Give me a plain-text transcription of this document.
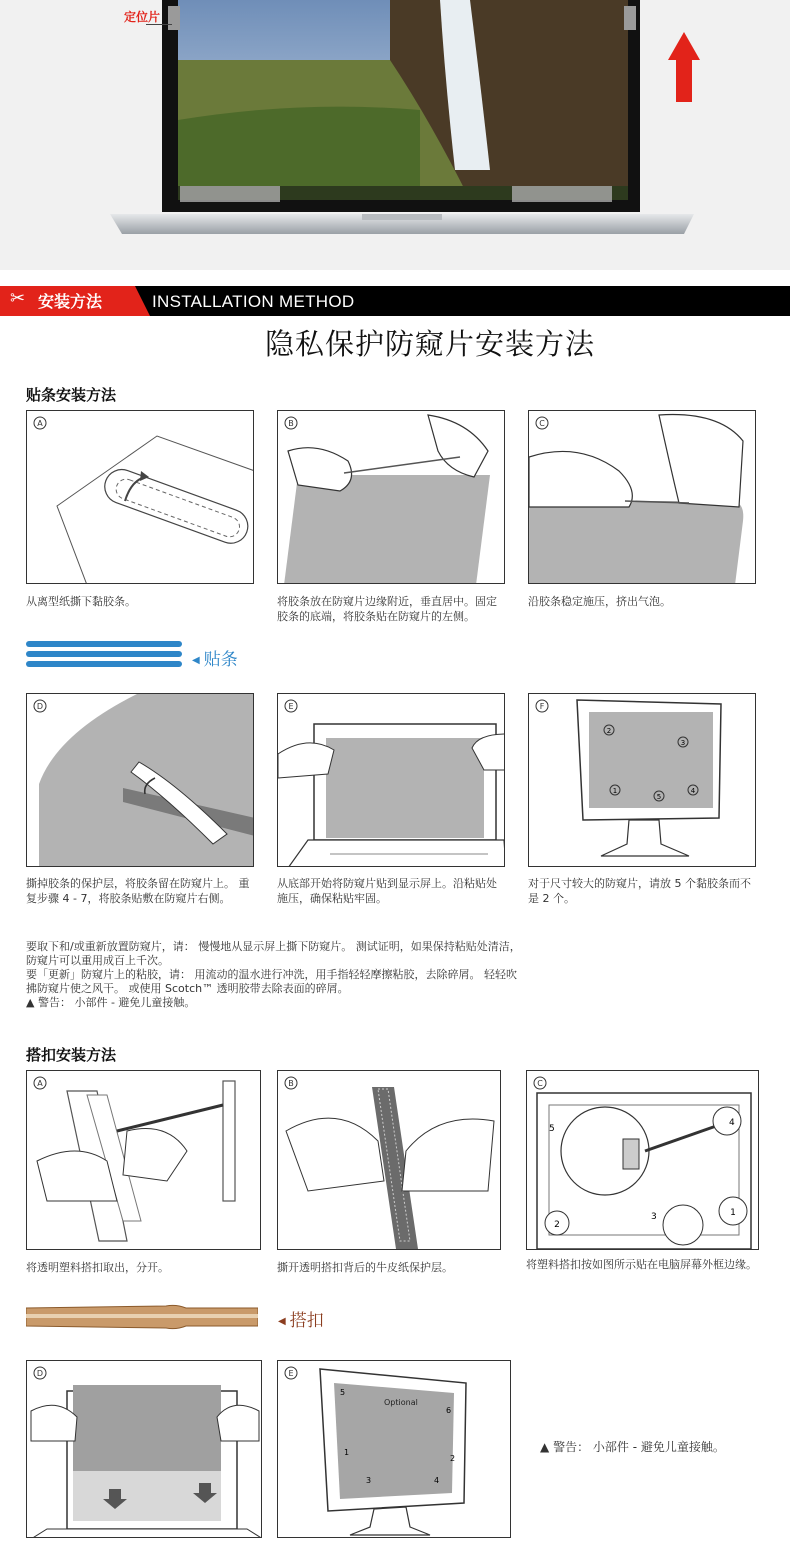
定位片
✂ 安装方法	INSTALLATION METHOD
隐私保护防窥片安装方法
贴条安装方法
A
从离型纸撕下黏胶条。
B
将胶条放在防窥片边缘附近，垂直居中。固定胶条的底端，将胶条贴在防窥片的左侧。
C
沿胶条稳定施压，挤出气泡。
◀ 贴条
D
撕掉胶条的保护层，将胶条留在防窥片上。 重复步骤 4 - 7，将胶条贴敷在防窥片右侧。
E
从底部开始将防窥片贴到显示屏上。沿粘贴处施压，确保粘贴牢固。
F
2
3
1
5
4
对于尺寸较大的防窥片，请放 5 个黏胶条而不是 2 个。
要取下和/或重新放置防窥片，请： 慢慢地从显示屏上撕下防窥片。 测试证明，如果保持粘贴处清洁，
防窥片可以重用成百上千次。
要「更新」防窥片上的粘胶，请： 用流动的温水进行冲洗，用手指轻轻摩擦粘胶，去除碎屑。 轻轻吹
拂防窥片使之风干。 或使用 Scotch™ 透明胶带去除表面的碎屑。
▲ 警告： 小部件 - 避免儿童接触。
搭扣安装方法
A
将透明塑料搭扣取出，分开。
B
撕开透明搭扣背后的牛皮纸保护层。
C
4
5
2
3	1
将塑料搭扣按如图所示贴在电脑屏幕外框边缘。
◀ 搭扣
D	E
Optional
5
6
1
2
3	4
▲ 警告： 小部件 - 避免儿童接触。
